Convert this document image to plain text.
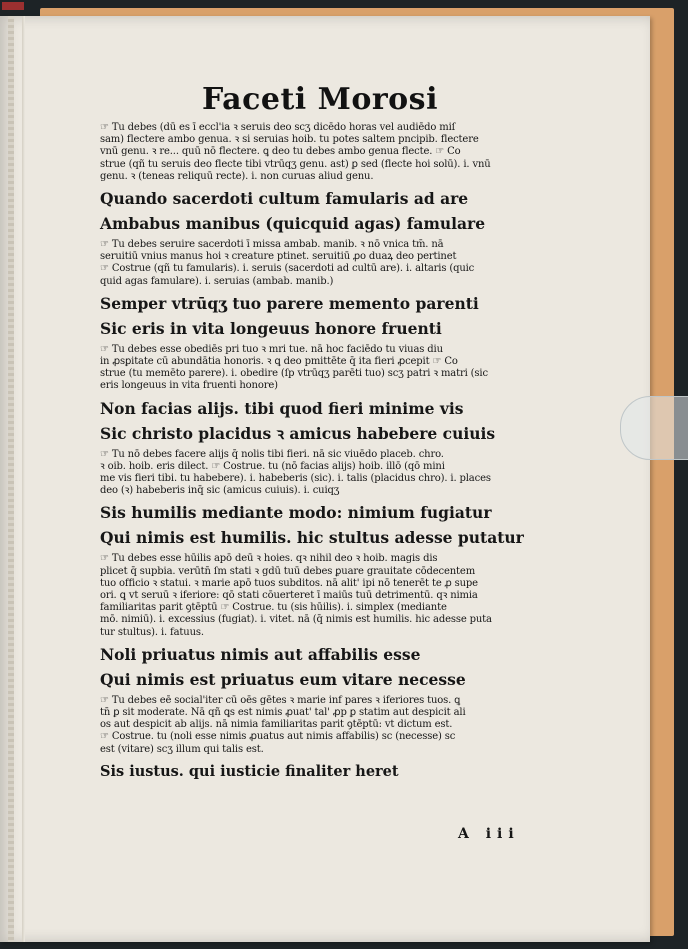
Faceti Morosi
☞ Tu debes (dū es ī eccl'ia ꝛ seruis deo scʒ dicēdo horas vel audiēdo miſ
sam) flectere ambo genua. ꝛ si seruias hoib. tu potes saltem pncipib. flectere
vnū genu. ꝛ re... quū nō flectere. ꝗ deo tu debes ambo genua flecte. ☞ Co
strue (qñ tu seruis deo flecte tibi vtrūqʒ genu. ast) ꝑ sed (flecte hoi solū). i. vnū
genu. ꝛ (teneas reliquū recte). i. non curuas aliud genu.
Quando sacerdoti cultum famularis ad are
Ambabus manibus (quicquid agas) famulare
☞ Tu debes seruire sacerdoti ī missa ambab. manib. ꝛ nō vnica tm̄. nā
seruitiū vnius manus hoi ꝛ creature ptinet. seruitiū ꝓo duaꝝ deo pertinet
☞ Costrue (qñ tu famularis). i. seruis (sacerdoti ad cultū are). i. altaris (quic
quid agas famulare). i. seruias (ambab. manib.)
Semper vtrūqʒ tuo parere memento parenti
Sic eris in vita longeuus honore fruenti
☞ Tu debes esse obediēs pri tuo ꝛ mri tue. nā hoc faciēdo tu viuas diu
in ꝓsꝑitate cū abundātia honoris. ꝛ ꝗ deo pmittēte q̄ ita fieri ꝓcepit ☞ Co
strue (tu memēto parere). i. obedire (ſp vtrūqʒ parēti tuo) scʒ patri ꝛ matri (sic
eris longeuus in vita fruenti honore)
Non facias alijs. tibi quod fieri minime vis
Sic christo placidus ꝛ amicus habebere cuiuis
☞ Tu nō debes facere alijs q̄ nolis tibi fieri. nā sic viuēdo placeb. chro.
ꝛ oib. hoib. eris dilect. ☞ Costrue. tu (nō facias alijs) hoib. illō (qō mini
me vis fieri tibi. tu habebere). i. habeberis (sic). i. talis (placidus chro). i. places
deo (ꝛ) habeberis inq̄ sic (amicus cuiuis). i. cuiqʒ
Sis humilis mediante modo: nimium fugiatur
Qui nimis est humilis. hic stultus adesse putatur
☞ Tu debes esse hūilis apō deū ꝛ hoies. qꝛ nihil deo ꝛ hoib. magis dis
plicet q̄ supbia. verūtn̄ ſm stati ꝛ gdū tuū debes ꝑuare grauitate cōdecentem
tuo officio ꝛ statui. ꝛ marie apō tuos subditos. nā alit' ipi nō tenerēt te ꝓ supe
ori. ꝗ vt seruū ꝛ iferiore: qō stati cōuerteret ī maiūs tuū detrimentū. qꝛ nimia
familiaritas parit ꝯtēptū ☞ Costrue. tu (sis hūilis). i. simplex (mediante
mō. nimiū). i. excessius (fugiat). i. vitet. nā (q̄ nimis est humilis. hic adesse puta
tur stultus). i. fatuus.
Noli priuatus nimis aut affabilis esse
Qui nimis est priuatus eum vitare necesse
☞ Tu debes eē social'iter cū oēs gētes ꝛ marie inf pares ꝛ iferiores tuos. ꝗ
tn̄ ꝑ sit moderate. Nā qñ ꝗs est nimis ꝓuat' tal' ꝓp ꝑ statim aut despicit ali
os aut despicit ab alijs. nā nimia familiaritas parit ꝯtēptū: vt dictum est.
☞ Costrue. tu (noli esse nimis ꝓuatus aut nimis affabilis) sc (necesse) sc
est (vitare) scʒ illum qui talis est.
Sis iustus. qui iusticie finaliter heret
A iii
